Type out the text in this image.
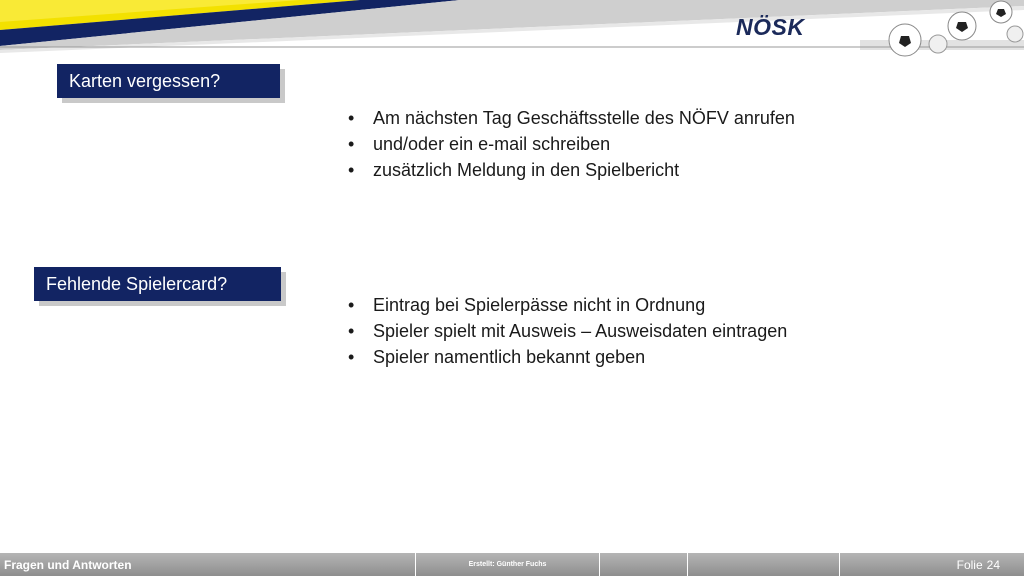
NÖSK
Karten vergessen?
• Am nächsten Tag Geschäftsstelle des NÖFV anrufen
• und/oder ein e-mail schreiben
• zusätzlich Meldung in den Spielbericht
Fehlende Spielercard?
• Eintrag bei Spielerpässe nicht in Ordnung
• Spieler spielt mit Ausweis – Ausweisdaten eintragen
• Spieler namentlich bekannt geben
Fragen und Antworten	Erstellt: Günther Fuchs	Folie 24
